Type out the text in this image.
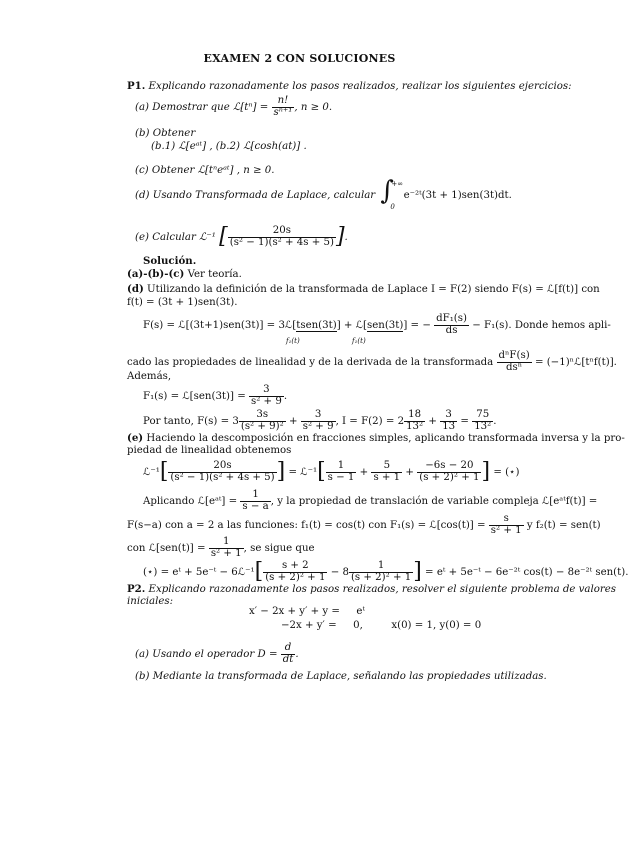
EXAMEN 2 CON SOLUCIONES
P1. Explicando razonadamente los pasos realizados, realizar los siguientes ejercicios:
(a) Demostrar que ℒ[tⁿ] = $\frac{n!}{\text{sⁿ⁺¹}}$ , n ≥ 0.
(b) Obtener
(b.1) ℒ[eᵃᵗ] , (b.2) ℒ[cosh(at)] .
(c) Obtener ℒ[tⁿeᵃᵗ] , n ≥ 0.
(d) Usando Transformada de Laplace, calcular ∫
+∞
0
e⁻²ᵗ(3t + 1)sen(3t)dt.
(e) Calcular ℒ⁻¹ [ $\frac{20s}{\text{(s² − 1)(s² + 4s + 5)}}$ ].
Solución.
(a)-(b)-(c) Ver teoría.
(d) Utilizando la definición de la transformada de Laplace I = F(2) siendo F(s) = ℒ[f(t)] con
f(t) = (3t + 1)sen(3t).
F(s) = ℒ[(3t+1)sen(3t)] = 3ℒ[tsen(3t)] + ℒ[sen(3t)] = − $\frac{\text{dF₁(s)}}{ds} - F_1(s)$. Donde hemos apli-
f₁(t)	f₁(t)
cado las propiedades de linealidad y de la derivada de la transformada $\frac{\text{dⁿF(s)}}{\text{dsⁿ}}$ = (−1)ⁿℒ[tⁿf(t)].
Además,
F₁(s) = ℒ[sen(3t)] = $\frac{3}{\text{s² + 9}}$ .
Por tanto, $F(s) = 3 \frac{3s}{\text{(s² + 9)²}} + \frac{3}{\text{s² + 9}}$ , $I = F(2) = 2 \frac{18}{\text{13²}} + \frac{3}{13} = \frac{75}{\text{13²}}$ .
(e) Haciendo la descomposición en fracciones simples, aplicando transformada inversa y la pro-
piedad de linealidad obtenemos
ℒ⁻¹[ $\frac{20s}{\text{(s² − 1)(s² + 4s + 5)}}$ ] = ℒ⁻¹[ $\frac{1}{s - 1} + \frac{5}{s + 1} + \frac{-6s - 20}{\text{(s + 2)² + 1}}$ ] = (⋆)
Aplicando ℒ[eᵃᵗ] = $\frac{1}{s - a}$ , y la propiedad de translación de variable compleja ℒ[eᵃᵗf(t)] =
F(s−a) con a = 2 a las funciones: f₁(t) = cos(t) con F₁(s) = ℒ[cos(t)] = $\frac{s}{\text{s² + 1}}$ y f₂(t) = sen(t)
con ℒ[sen(t)] = $\frac{1}{\text{s² + 1}}$ , se sigue que
(⋆) = eᵗ + 5e⁻ᵗ − 6ℒ⁻¹[ $\frac{s + 2}{\text{(s + 2)² + 1}} - 8 \frac{1}{\text{(s + 2)² + 1}}$ ] = eᵗ + 5e⁻ᵗ − 6e⁻²ᵗ cos(t) − 8e⁻²ᵗ sen(t).
P2. Explicando razonadamente los pasos realizados, resolver el siguiente problema de valores
iniciales:
x′ − 2x + y′ + y = eᵗ
−2x + y′ = 0,	x(0) = 1, y(0) = 0
(a) Usando el operador $D = \frac{d}{dt}$ .
(b) Mediante la transformada de Laplace, señalando las propiedades utilizadas.
